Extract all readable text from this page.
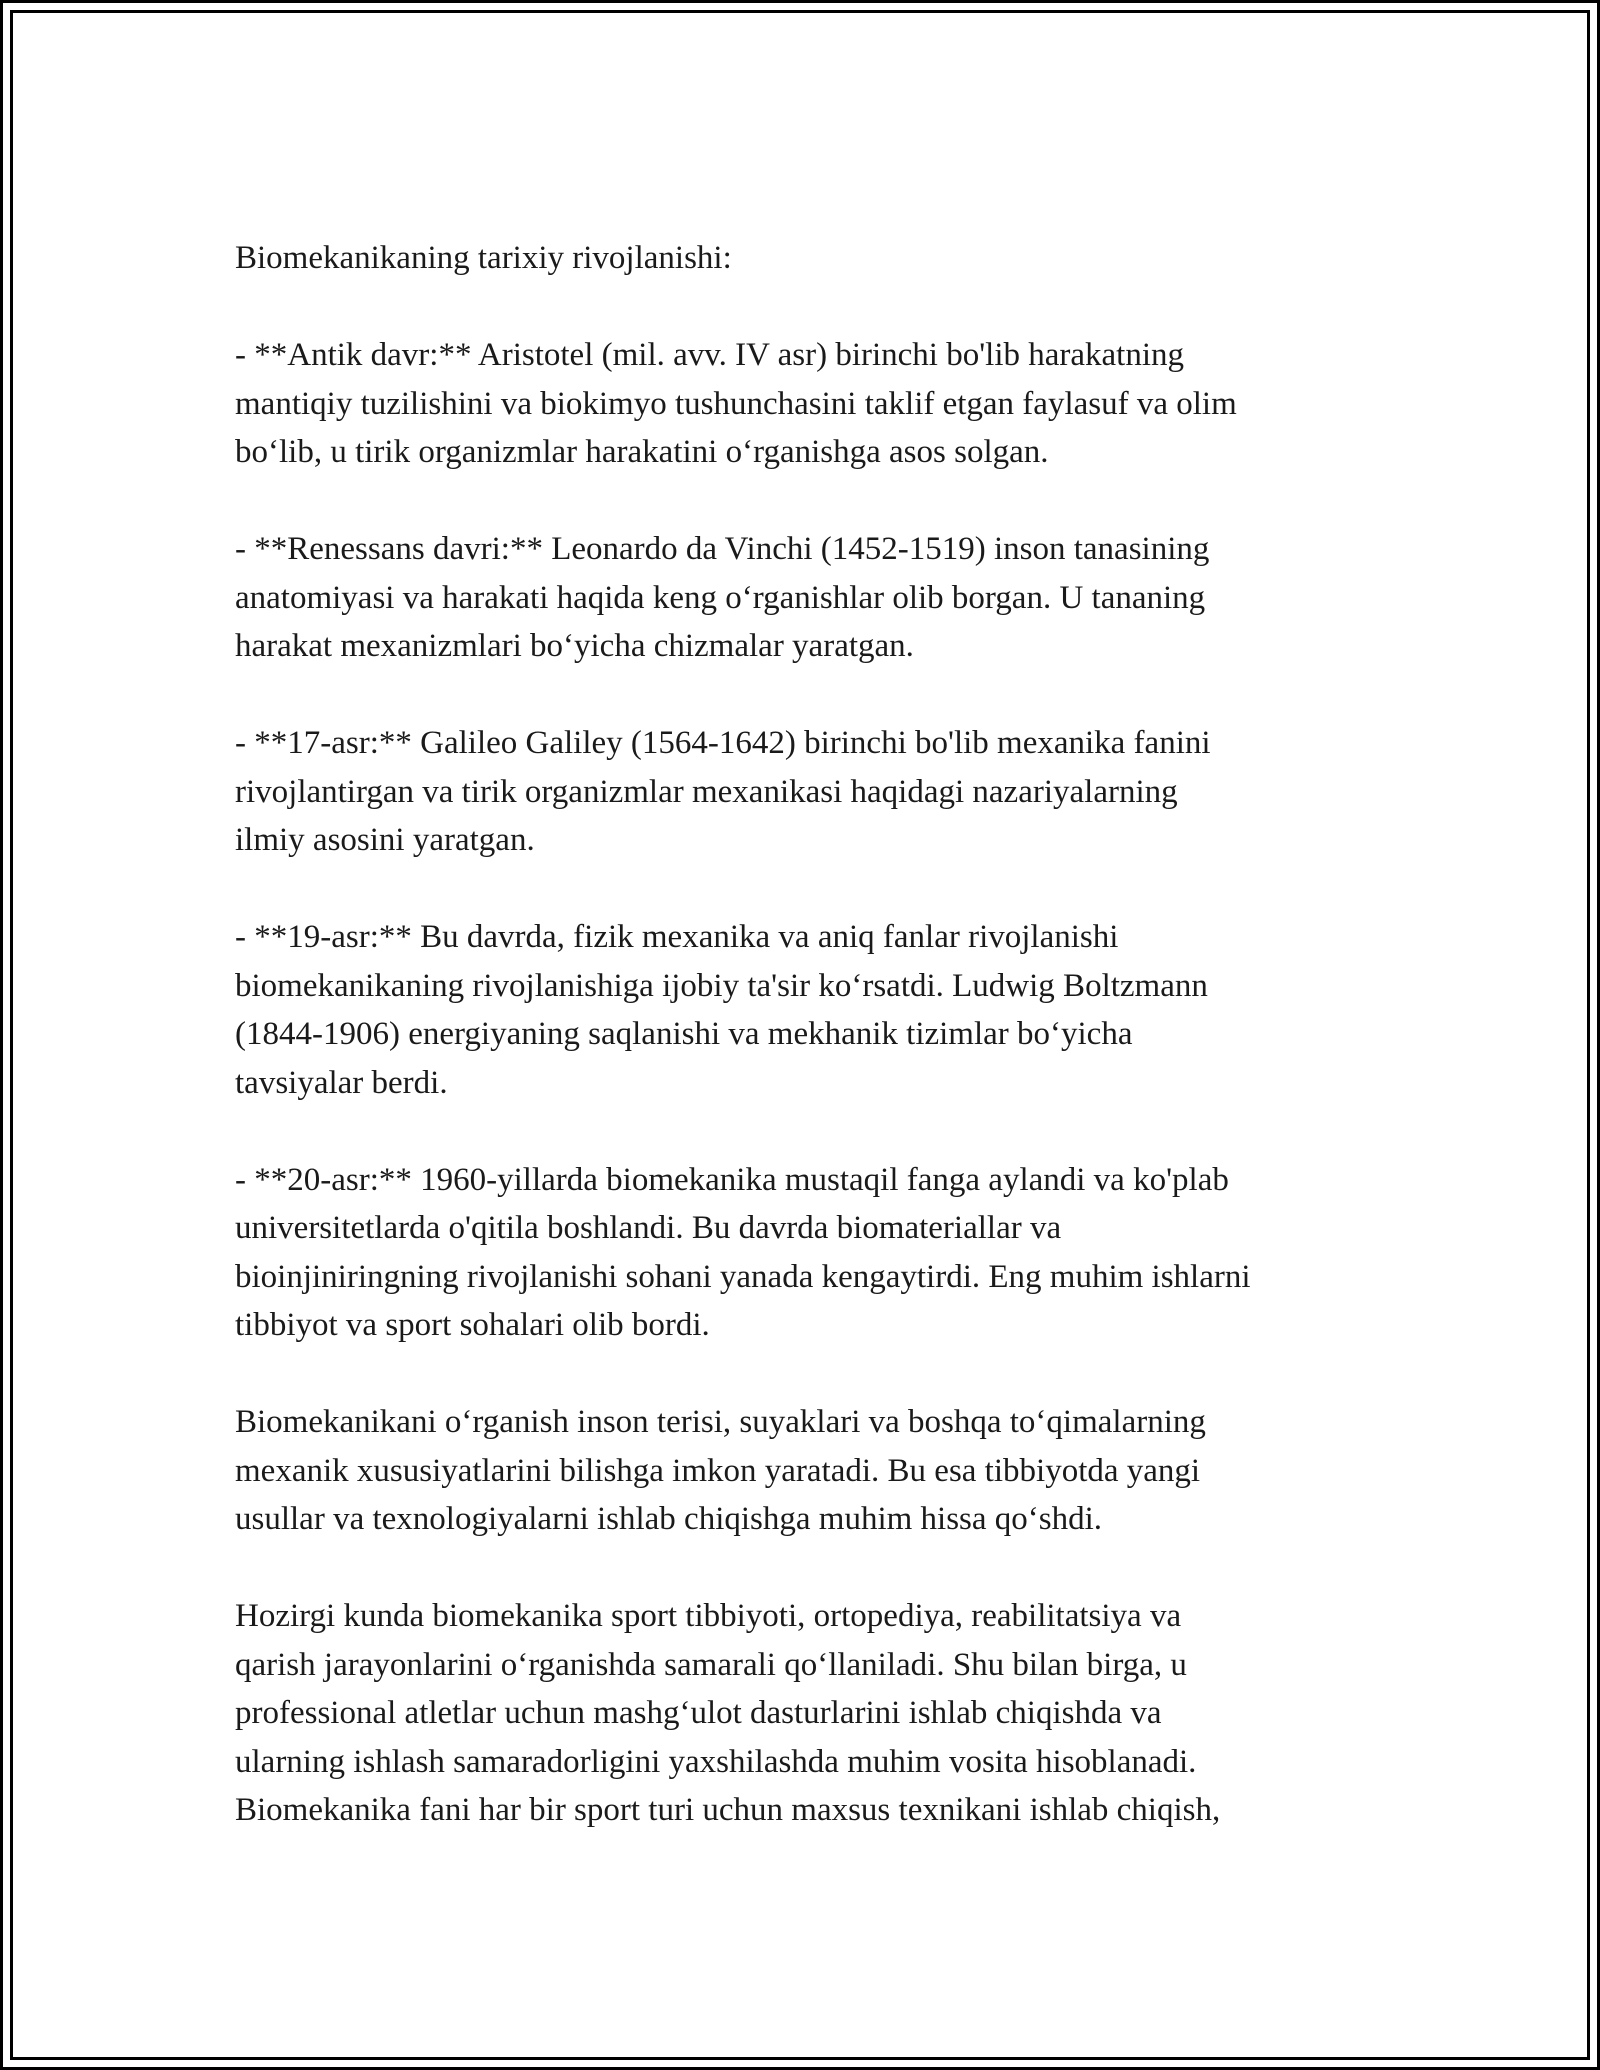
Biomekanikaning tarixiy rivojlanishi:

- **Antik davr:** Aristotel (mil. avv. IV asr) birinchi bo'lib harakatning
mantiqiy tuzilishini va biokimyo tushunchasini taklif etgan faylasuf va olim
bo‘lib, u tirik organizmlar harakatini o‘rganishga asos solgan.

- **Renessans davri:** Leonardo da Vinchi (1452-1519) inson tanasining
anatomiyasi va harakati haqida keng o‘rganishlar olib borgan. U tananing
harakat mexanizmlari bo‘yicha chizmalar yaratgan.

- **17-asr:** Galileo Galiley (1564-1642) birinchi bo'lib mexanika fanini
rivojlantirgan va tirik organizmlar mexanikasi haqidagi nazariyalarning
ilmiy asosini yaratgan.

- **19-asr:** Bu davrda, fizik mexanika va aniq fanlar rivojlanishi
biomekanikaning rivojlanishiga ijobiy ta'sir ko‘rsatdi. Ludwig Boltzmann
(1844-1906) energiyaning saqlanishi va mekhanik tizimlar bo‘yicha
tavsiyalar berdi.

- **20-asr:** 1960-yillarda biomekanika mustaqil fanga aylandi va ko'plab
universitetlarda o'qitila boshlandi. Bu davrda biomateriallar va
bioinjiniringning rivojlanishi sohani yanada kengaytirdi. Eng muhim ishlarni
tibbiyot va sport sohalari olib bordi.

Biomekanikani o‘rganish inson terisi, suyaklari va boshqa to‘qimalarning
mexanik xususiyatlarini bilishga imkon yaratadi. Bu esa tibbiyotda yangi
usullar va texnologiyalarni ishlab chiqishga muhim hissa qo‘shdi.

Hozirgi kunda biomekanika sport tibbiyoti, ortopediya, reabilitatsiya va
qarish jarayonlarini o‘rganishda samarali qo‘llaniladi. Shu bilan birga, u
professional atletlar uchun mashg‘ulot dasturlarini ishlab chiqishda va
ularning ishlash samaradorligini yaxshilashda muhim vosita hisoblanadi.
Biomekanika fani har bir sport turi uchun maxsus texnikani ishlab chiqish,
